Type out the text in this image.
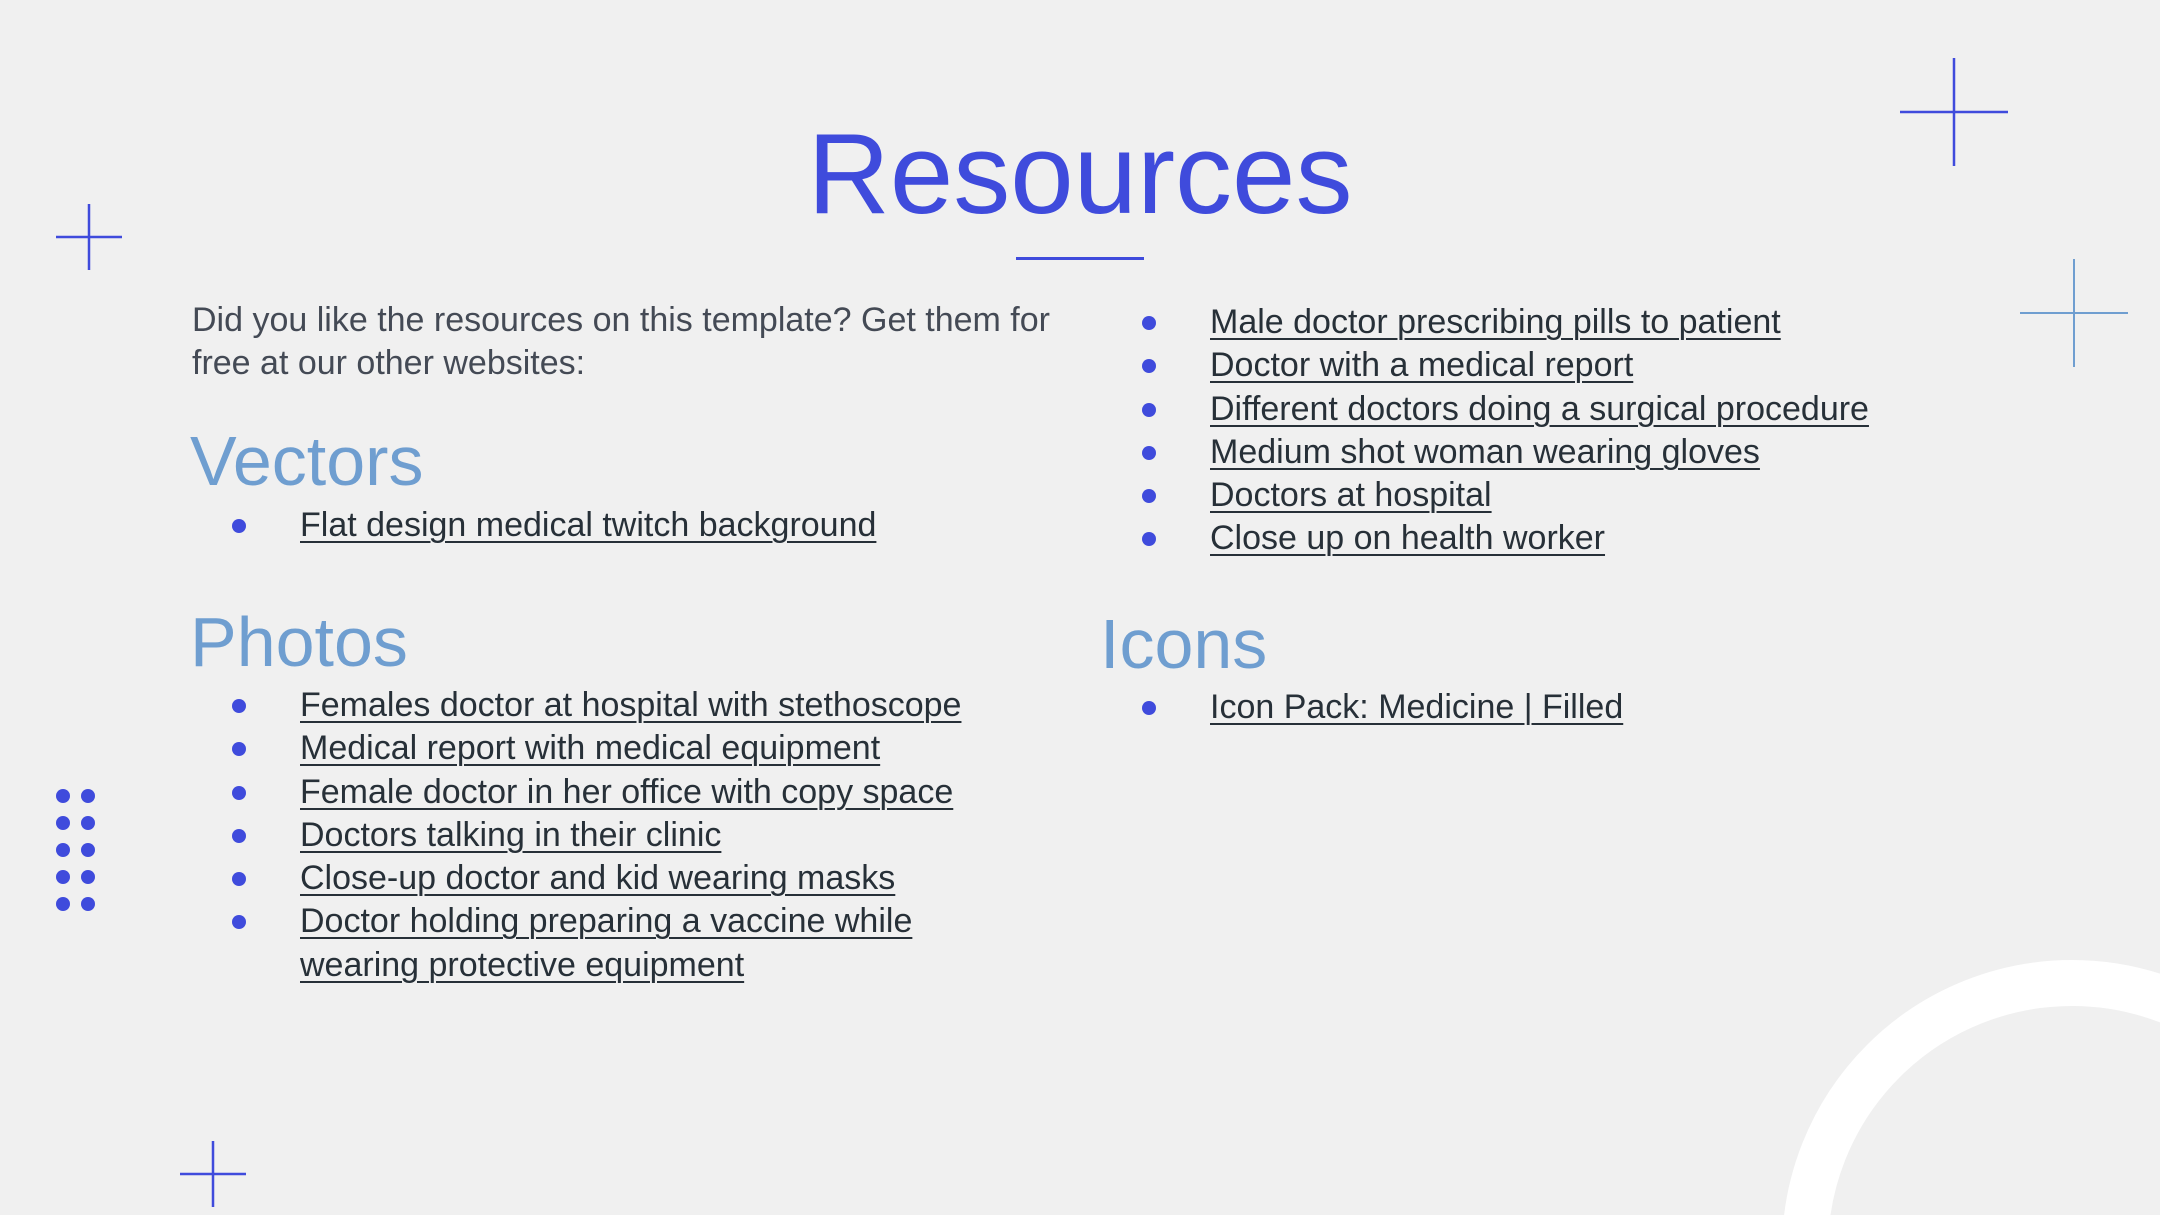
Resources

Did you like the resources on this template? Get them for free at our other websites:

Vectors
Flat design medical twitch background
Photos
Females doctor at hospital with stethoscope
Medical report with medical equipment
Female doctor in her office with copy space
Doctors talking in their clinic
Close-up doctor and kid wearing masks
Doctor holding preparing a vaccine while wearing protective equipment
Male doctor prescribing pills to patient
Doctor with a medical report
Different doctors doing a surgical procedure
Medium shot woman wearing gloves
Doctors at hospital
Close up on health worker
Icons
Icon Pack: Medicine | Filled
